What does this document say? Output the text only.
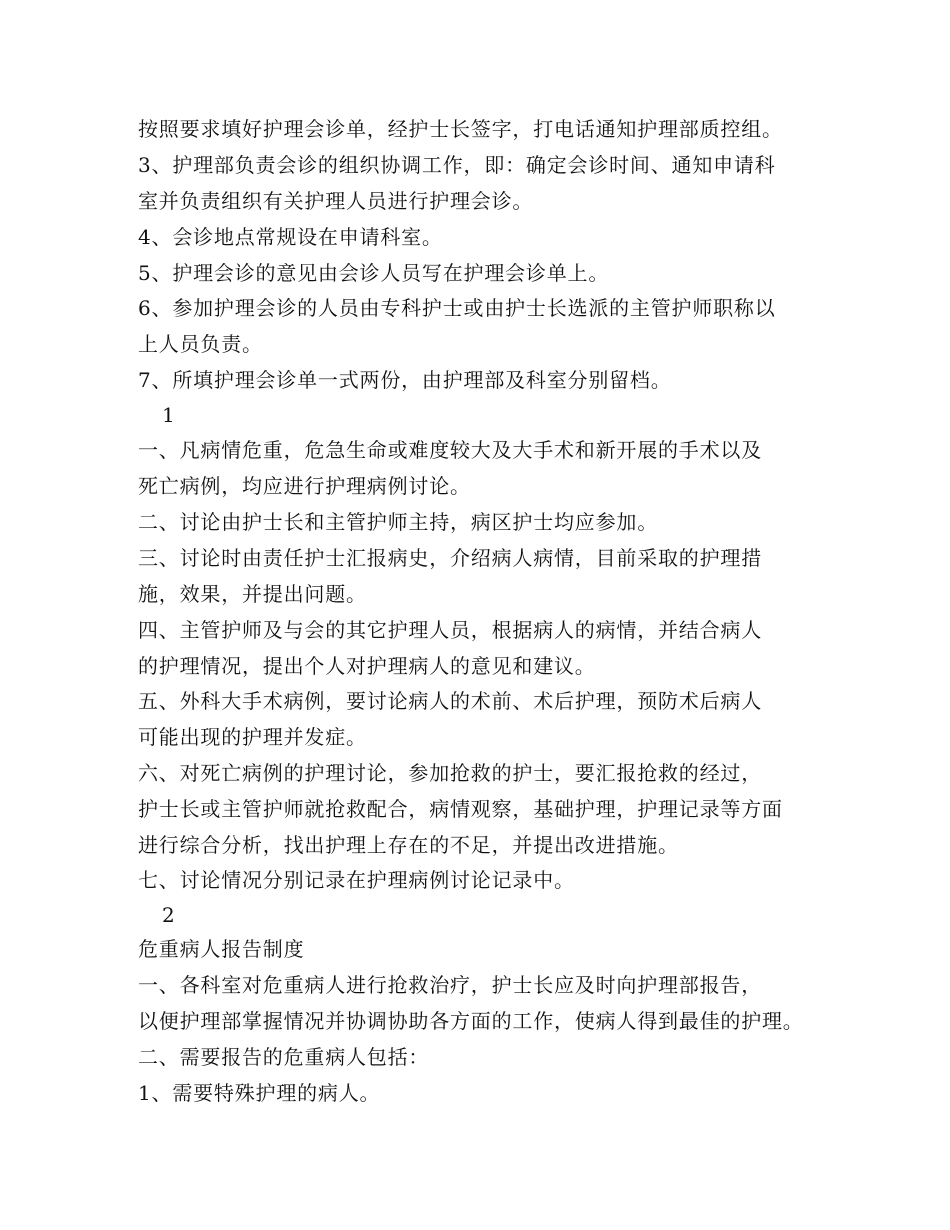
按照要求填好护理会诊单，经护士长签字，打电话通知护理部质控组。
3、护理部负责会诊的组织协调工作，即：确定会诊时间、通知申请科
室并负责组织有关护理人员进行护理会诊。
4、会诊地点常规设在申请科室。
5、护理会诊的意见由会诊人员写在护理会诊单上。
6、参加护理会诊的人员由专科护士或由护士长选派的主管护师职称以
上人员负责。
7、所填护理会诊单一式两份，由护理部及科室分别留档。
1
一、凡病情危重，危急生命或难度较大及大手术和新开展的手术以及
死亡病例，均应进行护理病例讨论。
二、讨论由护士长和主管护师主持，病区护士均应参加。
三、讨论时由责任护士汇报病史，介绍病人病情，目前采取的护理措
施，效果，并提出问题。
四、主管护师及与会的其它护理人员，根据病人的病情，并结合病人
的护理情况，提出个人对护理病人的意见和建议。
五、外科大手术病例，要讨论病人的术前、术后护理，预防术后病人
可能出现的护理并发症。
六、对死亡病例的护理讨论，参加抢救的护士，要汇报抢救的经过，
护士长或主管护师就抢救配合，病情观察，基础护理，护理记录等方面
进行综合分析，找出护理上存在的不足，并提出改进措施。
七、讨论情况分别记录在护理病例讨论记录中。
2
危重病人报告制度
一、各科室对危重病人进行抢救治疗，护士长应及时向护理部报告，
以便护理部掌握情况并协调协助各方面的工作，使病人得到最佳的护理。
二、需要报告的危重病人包括：
1、需要特殊护理的病人。
